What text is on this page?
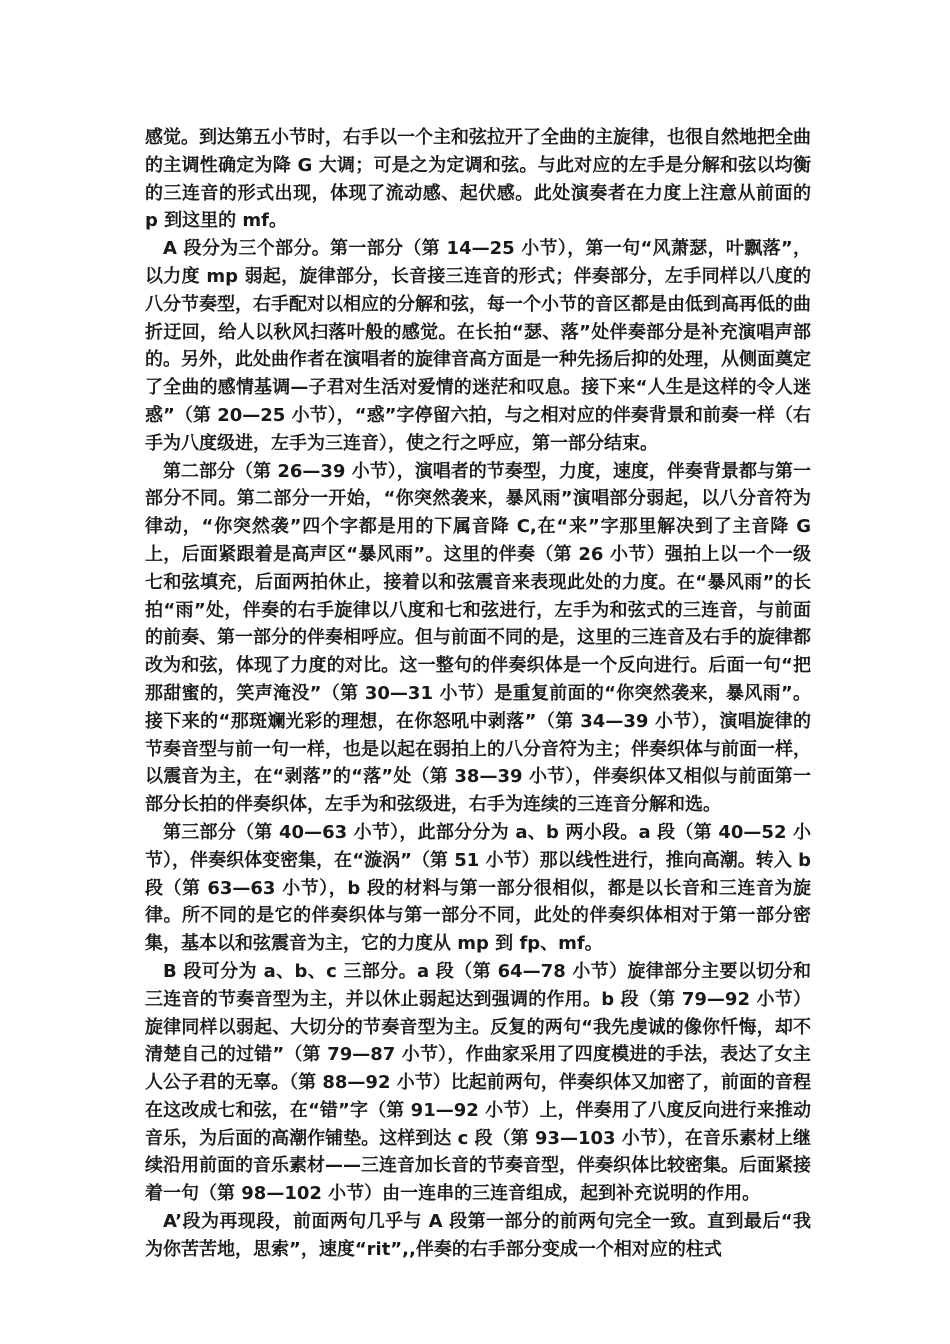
感觉。到达第五小节时，右手以一个主和弦拉开了全曲的主旋律，也很自然地把全曲的主调性确定为降 G 大调；可是之为定调和弦。与此对应的左手是分解和弦以均衡的三连音的形式出现，体现了流动感、起伏感。此处演奏者在力度上注意从前面的 p 到这里的 mf。

A 段分为三个部分。第一部分（第 14—25 小节），第一句“风萧瑟，叶飘落”，以力度 mp 弱起，旋律部分，长音接三连音的形式；伴奏部分，左手同样以八度的八分节奏型，右手配对以相应的分解和弦，每一个小节的音区都是由低到高再低的曲折迂回，给人以秋风扫落叶般的感觉。在长拍“瑟、落”处伴奏部分是补充演唱声部的。另外，此处曲作者在演唱者的旋律音高方面是一种先扬后抑的处理，从侧面奠定了全曲的感情基调—子君对生活对爱情的迷茫和叹息。接下来“人生是这样的令人迷惑”（第 20—25 小节），“惑”字停留六拍，与之相对应的伴奏背景和前奏一样（右手为八度级进，左手为三连音），使之行之呼应，第一部分结束。

第二部分（第 26—39 小节），演唱者的节奏型，力度，速度，伴奏背景都与第一部分不同。第二部分一开始，“你突然袭来，暴风雨”演唱部分弱起，以八分音符为律动，“你突然袭”四个字都是用的下属音降 C,在“来”字那里解决到了主音降 G 上，后面紧跟着是高声区“暴风雨”。这里的伴奏（第 26 小节）强拍上以一个一级七和弦填充，后面两拍休止，接着以和弦震音来表现此处的力度。在“暴风雨”的长拍“雨”处，伴奏的右手旋律以八度和七和弦进行，左手为和弦式的三连音，与前面的前奏、第一部分的伴奏相呼应。但与前面不同的是，这里的三连音及右手的旋律都改为和弦，体现了力度的对比。这一整句的伴奏织体是一个反向进行。后面一句“把那甜蜜的，笑声淹没”（第 30—31 小节）是重复前面的“你突然袭来，暴风雨”。接下来的“那斑斓光彩的理想，在你怒吼中剥落”（第 34—39 小节），演唱旋律的节奏音型与前一句一样，也是以起在弱拍上的八分音符为主；伴奏织体与前面一样，以震音为主，在“剥落”的“落”处（第 38—39 小节），伴奏织体又相似与前面第一部分长拍的伴奏织体，左手为和弦级进，右手为连续的三连音分解和选。

第三部分（第 40—63 小节），此部分分为 a、b 两小段。a 段（第 40—52 小节），伴奏织体变密集，在“漩涡”（第 51 小节）那以线性进行，推向高潮。转入 b 段（第 63—63 小节），b 段的材料与第一部分很相似，都是以长音和三连音为旋律。所不同的是它的伴奏织体与第一部分不同，此处的伴奏织体相对于第一部分密集，基本以和弦震音为主，它的力度从 mp 到 fp、mf。

B 段可分为 a、b、c 三部分。a 段（第 64—78 小节）旋律部分主要以切分和三连音的节奏音型为主，并以休止弱起达到强调的作用。b 段（第 79—92 小节）旋律同样以弱起、大切分的节奏音型为主。反复的两句“我先虔诚的像你忏悔，却不清楚自己的过错”（第 79—87 小节），作曲家采用了四度模进的手法，表达了女主人公子君的无辜。（第 88—92 小节）比起前两句，伴奏织体又加密了，前面的音程在这改成七和弦，在“错”字（第 91—92 小节）上，伴奏用了八度反向进行来推动音乐，为后面的高潮作铺垫。这样到达 c 段（第 93—103 小节），在音乐素材上继续沿用前面的音乐素材——三连音加长音的节奏音型，伴奏织体比较密集。后面紧接着一句（第 98—102 小节）由一连串的三连音组成，起到补充说明的作用。

A’段为再现段，前面两句几乎与 A 段第一部分的前两句完全一致。直到最后“我为你苦苦地，思索”，速度“rit”,,伴奏的右手部分变成一个相对应的柱式
